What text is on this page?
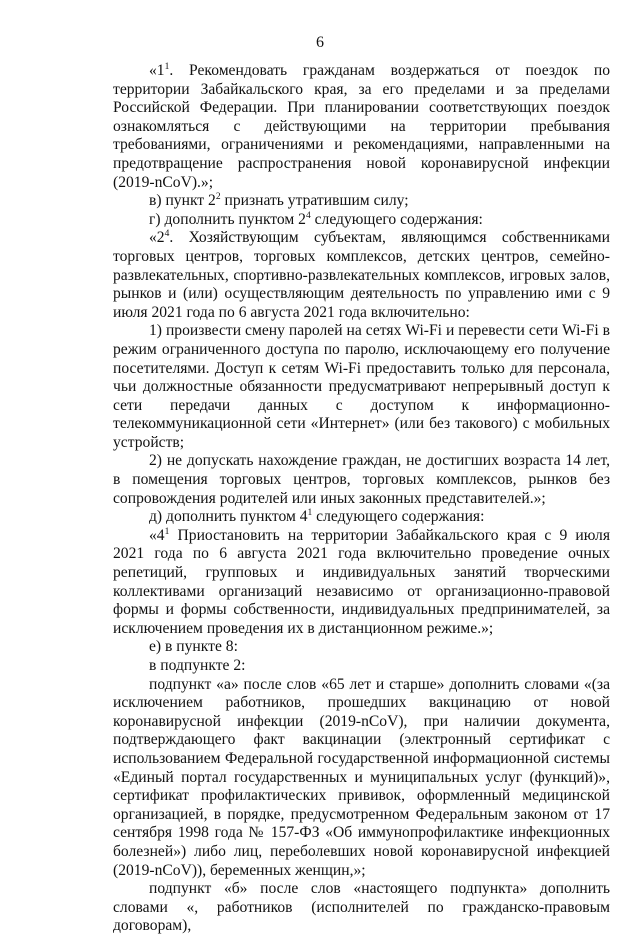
6

«$1^1$. Рекомендовать гражданам воздержаться от поездок по территории Забайкальского края, за его пределами и за пределами Российской Федерации. При планировании соответствующих поездок ознакомляться с действующими на территории пребывания требованиями, ограничениями и рекомендациями, направленными на предотвращение распространения новой коронавирусной инфекции (2019-nCoV).»;

в) пункт $2^2$ признать утратившим силу;

г) дополнить пунктом $2^4$ следующего содержания:

«$2^4$. Хозяйствующим субъектам, являющимся собственниками торговых центров, торговых комплексов, детских центров, семейно-развлекательных, спортивно-развлекательных комплексов, игровых залов, рынков и (или) осуществляющим деятельность по управлению ими с 9 июля 2021 года по 6 августа 2021 года включительно:

1) произвести смену паролей на сетях Wi-Fi и перевести сети Wi-Fi в режим ограниченного доступа по паролю, исключающему его получение посетителями. Доступ к сетям Wi-Fi предоставить только для персонала, чьи должностные обязанности предусматривают непрерывный доступ к сети передачи данных с доступом к информационно-телекоммуникационной сети «Интернет» (или без такового) с мобильных устройств;

2) не допускать нахождение граждан, не достигших возраста 14 лет, в помещения торговых центров, торговых комплексов, рынков без сопровождения родителей или иных законных представителей.»;

д) дополнить пунктом $4^1$ следующего содержания:

«$4^1$ Приостановить на территории Забайкальского края с 9 июля 2021 года по 6 августа 2021 года включительно проведение очных репетиций, групповых и индивидуальных занятий творческими коллективами организаций независимо от организационно-правовой формы и формы собственности, индивидуальных предпринимателей, за исключением проведения их в дистанционном режиме.»;

е) в пункте 8:

в подпункте 2:

подпункт «а» после слов «65 лет и старше» дополнить словами «(за исключением работников, прошедших вакцинацию от новой коронавирусной инфекции (2019-nCoV), при наличии документа, подтверждающего факт вакцинации (электронный сертификат с использованием Федеральной государственной информационной системы «Единый портал государственных и муниципальных услуг (функций)», сертификат профилактических прививок, оформленный медицинской организацией, в порядке, предусмотренном Федеральным законом от 17 сентября 1998 года № 157-ФЗ «Об иммунопрофилактике инфекционных болезней») либо лиц, переболевших новой коронавирусной инфекцией (2019-nCoV)), беременных женщин,»;

подпункт «б» после слов «настоящего подпункта» дополнить словами «, работников (исполнителей по гражданско-правовым договорам),
